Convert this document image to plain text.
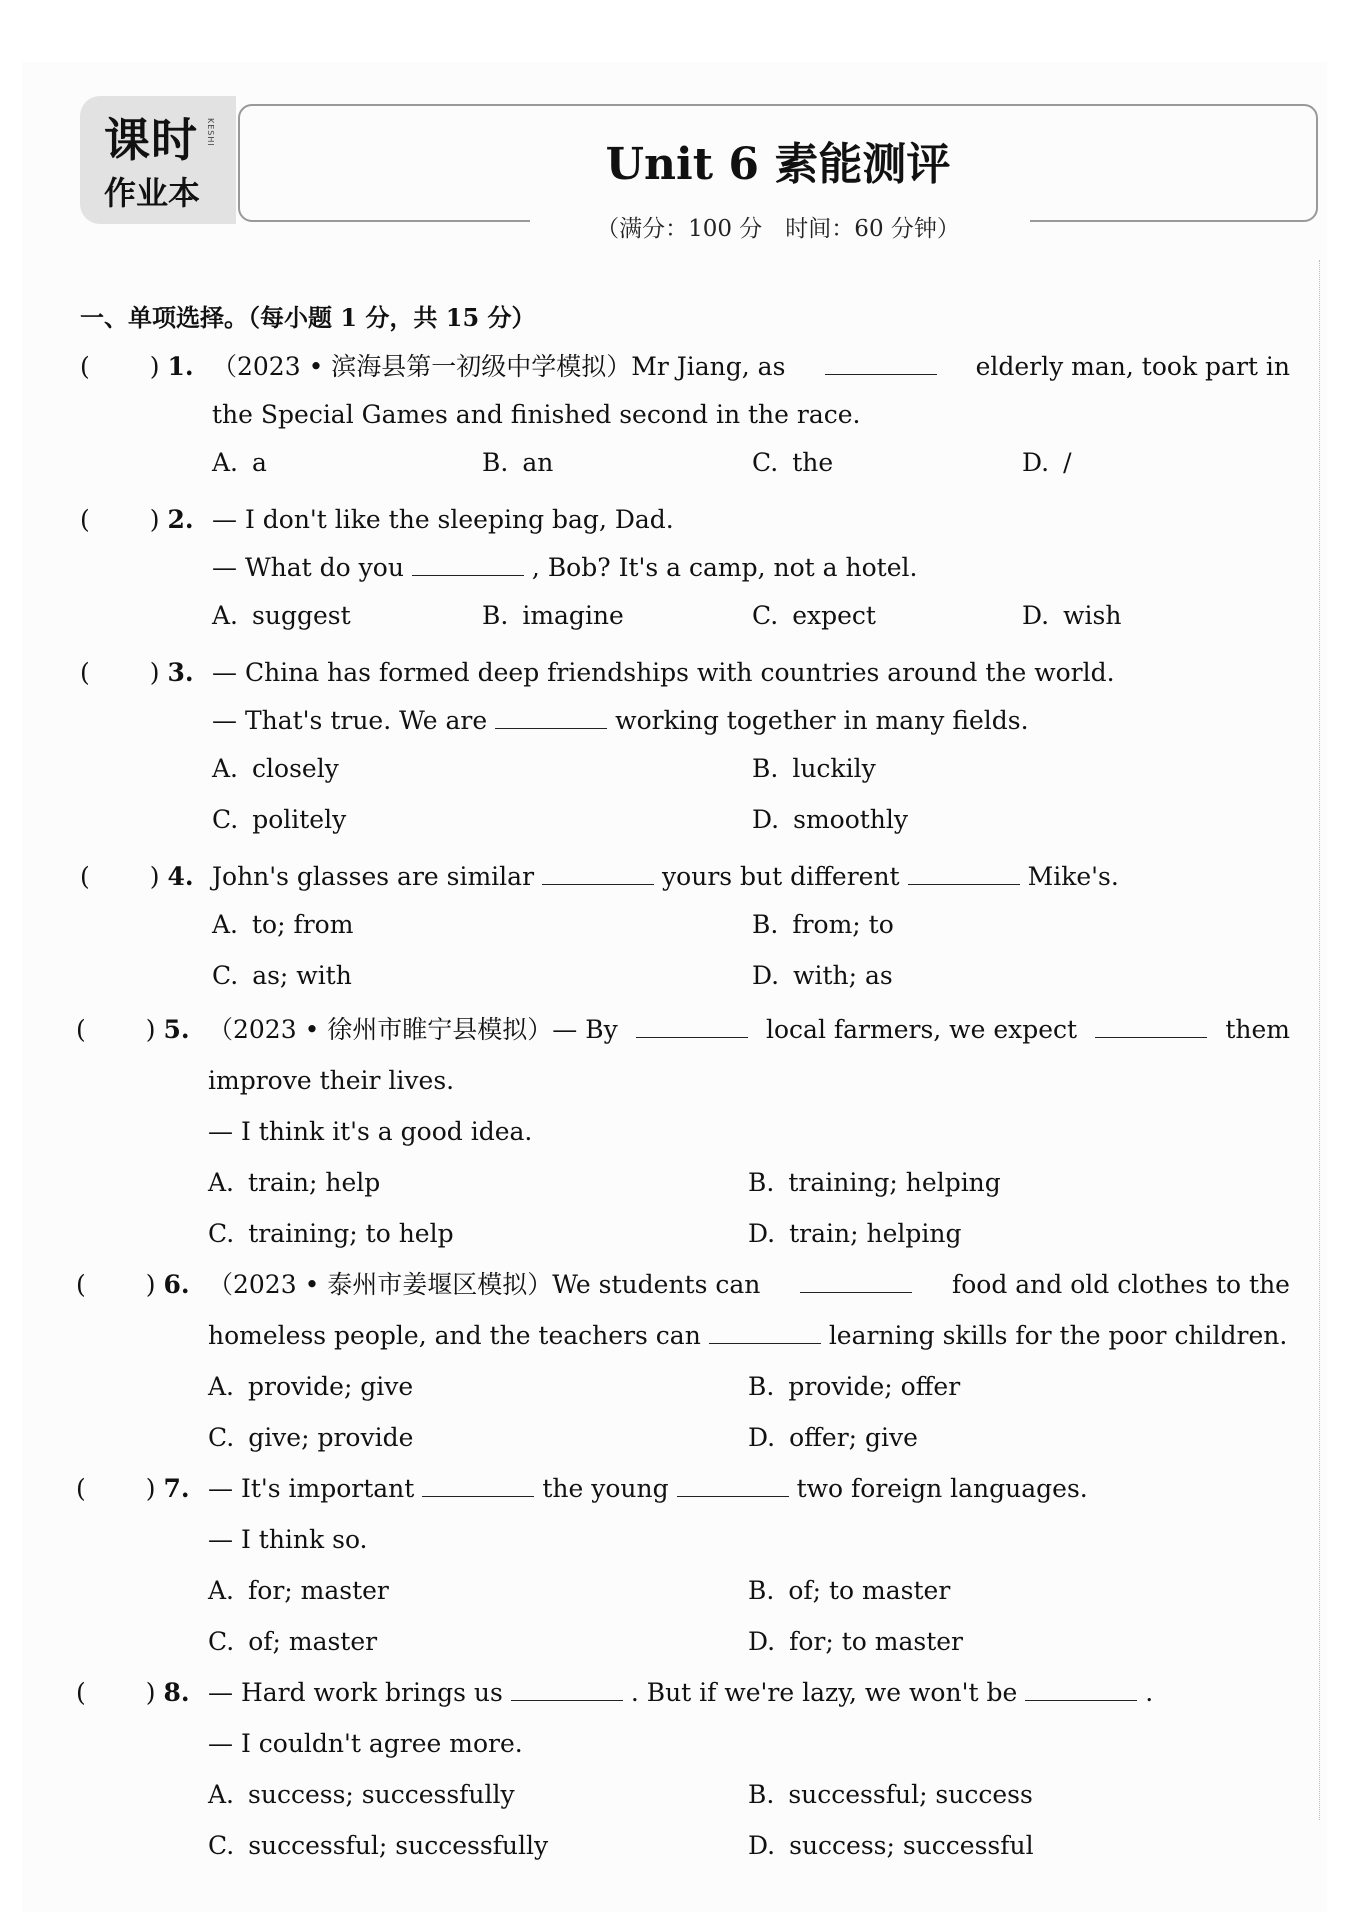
课时
作业本
KESHI
Unit 6 素能测评
（满分：100 分　时间：60 分钟）
一、单项选择。（每小题 1 分，共 15 分）
( ) 1. （2023 • 滨海县第一初级中学模拟）Mr Jiang, as	elderly man, took part in
the Special Games and finished second in the race.
A. a	B. an	C. the	D. /
( ) 2. — I don't like the sleeping bag, Dad.
— What do you	, Bob? It's a camp, not a hotel.
A. suggest	B. imagine	C. expect	D. wish
( ) 3. — China has formed deep friendships with countries around the world.
— That's true. We are	working together in many fields.
A. closely	B. luckily
C. politely	D. smoothly
( ) 4. John's glasses are similar	yours but different	Mike's.
A. to; from	B. from; to
C. as; with	D. with; as
( ) 5. （2023 • 徐州市睢宁县模拟）— By	local farmers, we expect	them
improve their lives.
— I think it's a good idea.
A. train; help	B. training; helping
C. training; to help	D. train; helping
( ) 6. （2023 • 泰州市姜堰区模拟）We students can	food and old clothes to the
homeless people, and the teachers can	learning skills for the poor children.
A. provide; give	B. provide; offer
C. give; provide	D. offer; give
( ) 7. — It's important	the young	two foreign languages.
— I think so.
A. for; master	B. of; to master
C. of; master	D. for; to master
( ) 8. — Hard work brings us	. But if we're lazy, we won't be	.
— I couldn't agree more.
A. success; successfully	B. successful; success
C. successful; successfully	D. success; successful
